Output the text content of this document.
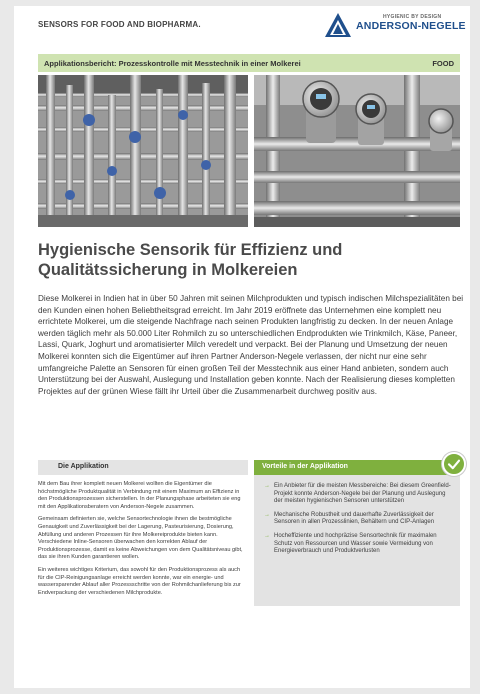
SENSORS FOR FOOD AND BIOPHARMA.
HYGIENIC BY DESIGN
ANDERSON-NEGELE
Applikationsbericht: Prozesskontrolle mit Messtechnik in einer Molkerei	FOOD
Hygienische Sensorik für Effizienz und Qualitätssicherung in Molkereien
Diese Molkerei in Indien hat in über 50 Jahren mit seinen Milchprodukten und typisch indischen Milchspezialitäten bei den Kunden einen hohen Beliebtheitsgrad erreicht. Im Jahr 2019 eröffnete das Unternehmen eine komplett neu errichtete Molkerei, um die steigende Nachfrage nach seinen Produkten langfristig zu decken. In der neuen Anlage werden täglich mehr als 50.000 Liter Rohmilch zu so unterschiedlichen Endprodukten wie Trinkmilch, Käse, Paneer, Lassi, Quark, Joghurt und aromatisierter Milch veredelt und verpackt. Bei der Planung und Umsetzung der neuen Molkerei konnten sich die Eigentümer auf ihren Partner Anderson-Negele verlassen, der nicht nur eine sehr umfangreiche Palette an Sensoren für einen großen Teil der Messtechnik aus einer Hand anbieten, sondern auch Unterstützung bei der Auswahl, Auslegung und Installation geben konnte. Nach der Realisierung dieses kompletten Projektes auf der grünen Wiese fällt ihr Urteil über die Zusammenarbeit durchweg positiv aus.
Die Applikation

Mit dem Bau ihrer komplett neuen Molkerei wollten die Eigentümer die höchstmögliche Produktqualität in Verbindung mit einem Maximum an Effizienz in den Produktionsprozessen sicherstellen. In der Planungsphase arbeiteten sie eng mit den Applikationsberatern von Anderson-Negele zusammen.

Gemeinsam definierten sie, welche Sensortechnologie ihnen die bestmögliche Genauigkeit und Zuverlässigkeit bei der Lagerung, Pasteurisierung, Dosierung, Abfüllung und anderen Prozessen für ihre Molkereiprodukte bieten kann. Verschiedene Inline-Sensoren überwachen den korrekten Ablauf der Produktionsprozesse, damit es keine Abweichungen von dem Qualitätsniveau gibt, das sie ihren Kunden garantieren wollen.

Ein weiteres wichtiges Kriterium, das sowohl für den Produktionsprozess als auch für die CIP-Reinigungsanlage erreicht werden konnte, war ein energie- und wassersparender Ablauf aller Prozessschritte von der Rohmilchanlieferung bis zur Endverpackung der verschiedenen Milchprodukte.

Vorteile in der Applikation
→ Ein Anbieter für die meisten Messbereiche: Bei diesem Greenfield-Projekt konnte Anderson-Negele bei der Planung und Auslegung der meisten hygienischen Sensoren unterstützen
→ Mechanische Robustheit und dauerhafte Zuverlässigkeit der Sensoren in allen Prozesslinien, Behältern und CIP-Anlagen
→ Hocheffiziente und hochpräzise Sensortechnik für maximalen Schutz von Ressourcen und Wasser sowie Vermeidung von Energieverbrauch und Produktverlusten
